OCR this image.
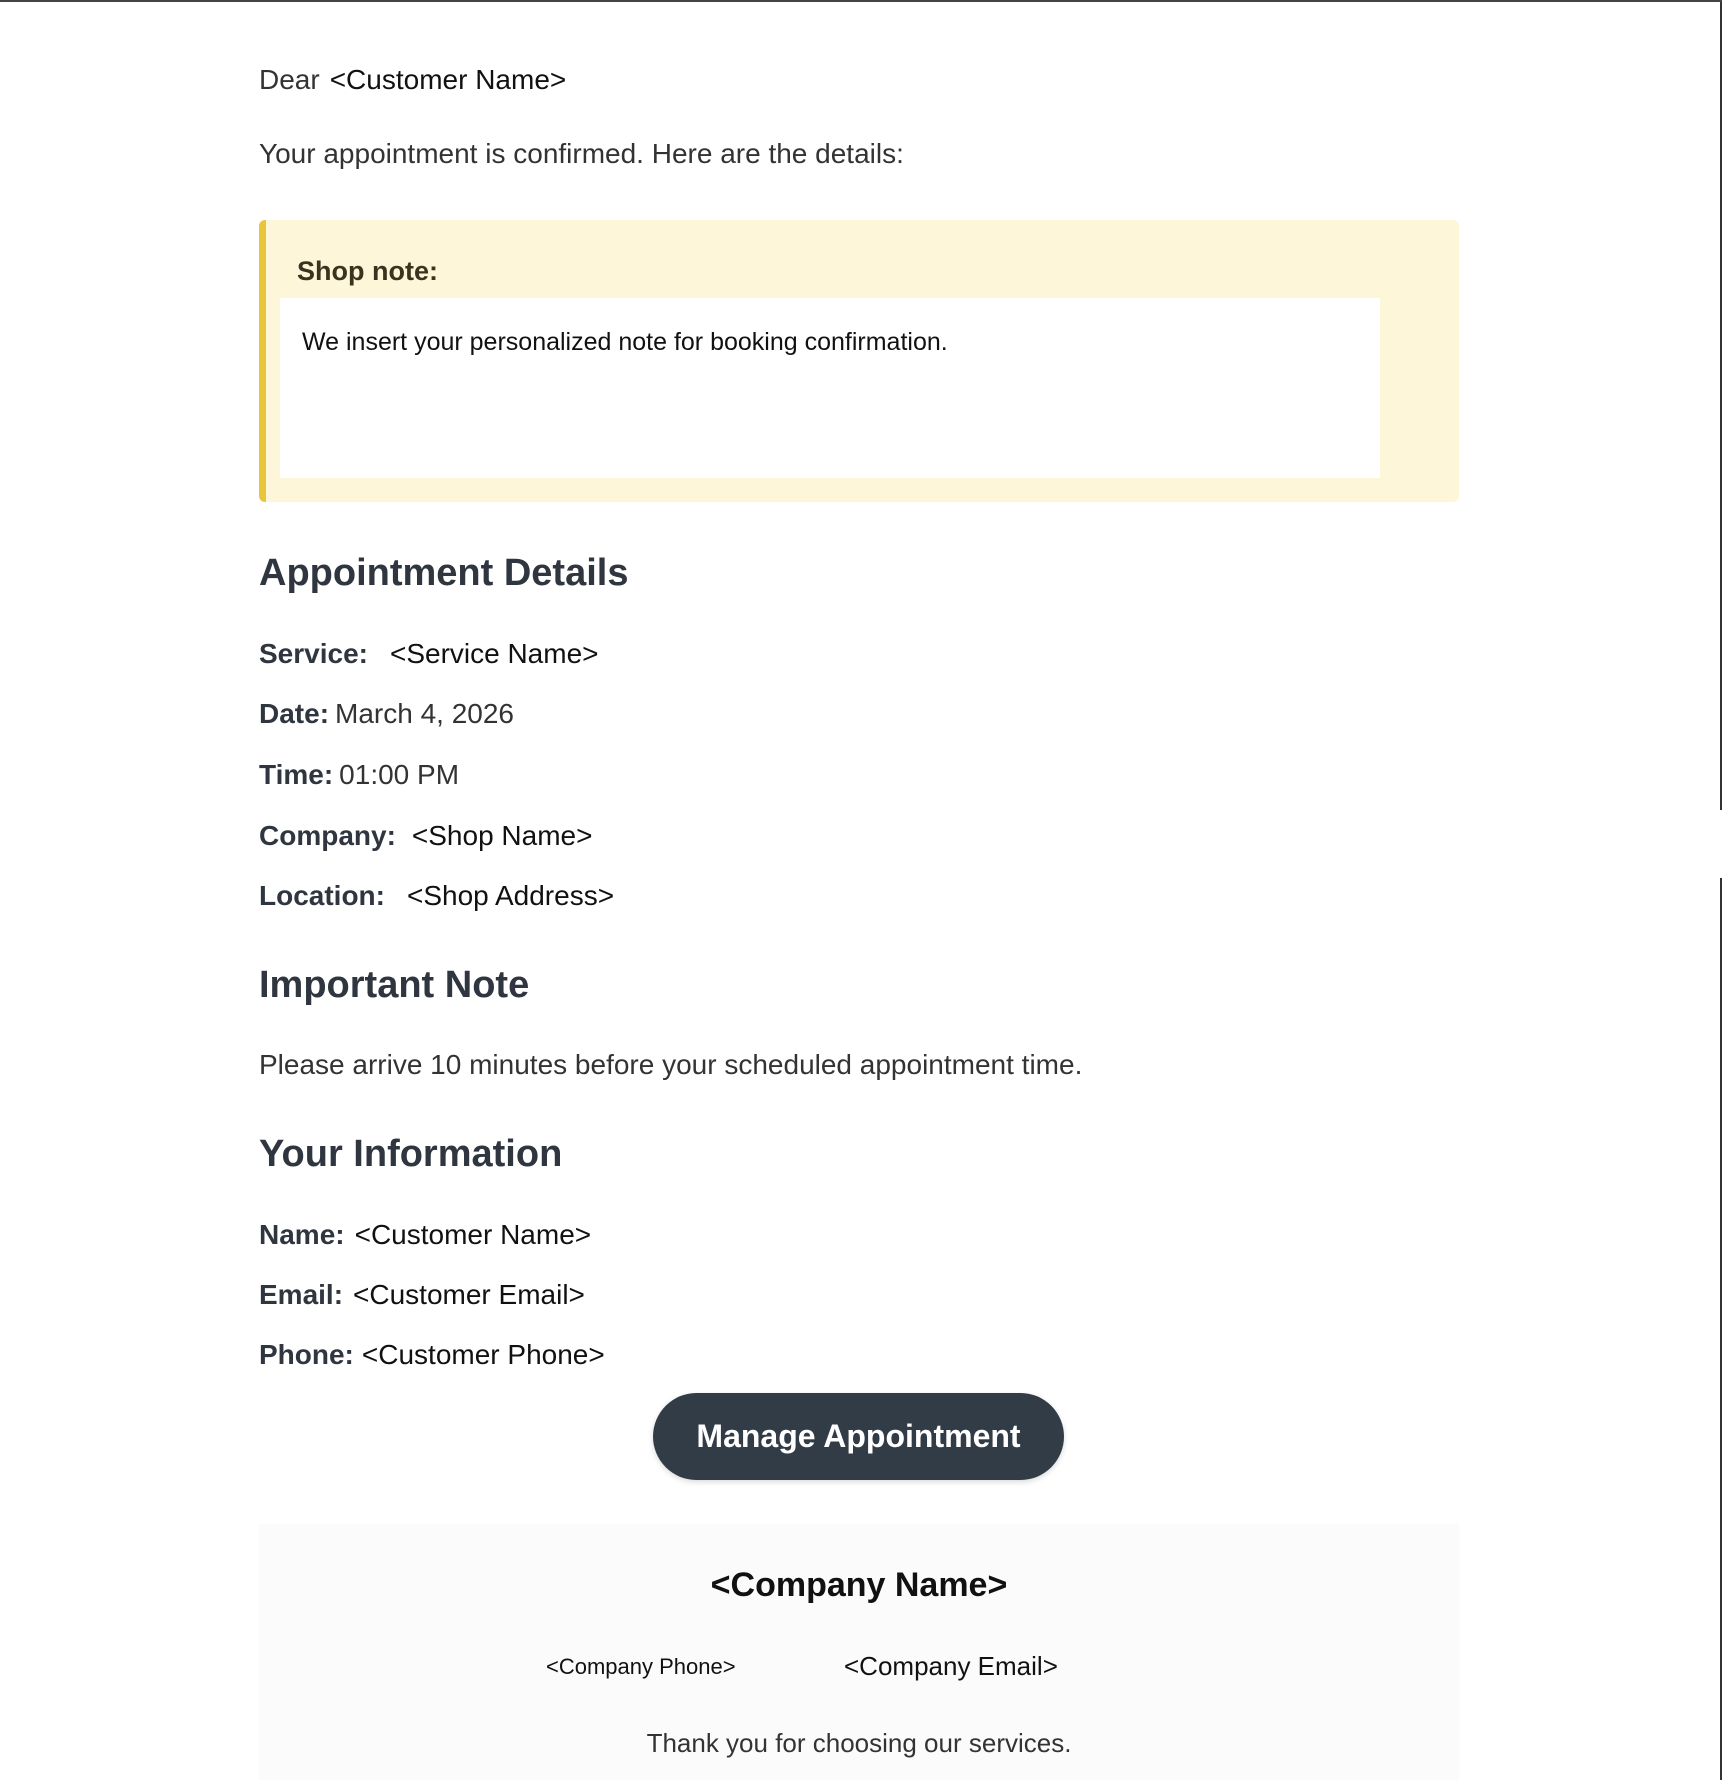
Dear <Customer Name>
Your appointment is confirmed. Here are the details:
Shop note:
We insert your personalized note for booking confirmation.
Appointment Details
Service: <Service Name>
Date: March 4, 2026
Time: 01:00 PM
Company: <Shop Name>
Location: <Shop Address>
Important Note
Please arrive 10 minutes before your scheduled appointment time.
Your Information
Name: <Customer Name>
Email: <Customer Email>
Phone: <Customer Phone>
Manage Appointment
<Company Name>
<Company Phone>	<Company Email>
Thank you for choosing our services.
